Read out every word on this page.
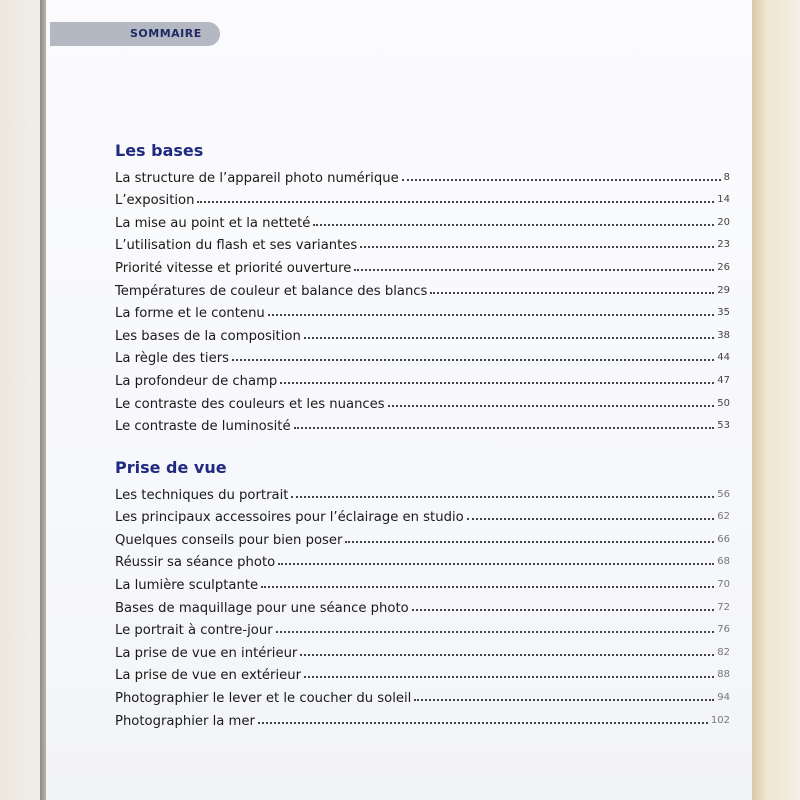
SOMMAIRE
Les bases
La structure de l’appareil photo numérique	8
L’exposition	14
La mise au point et la netteté	20
L’utilisation du flash et ses variantes	23
Priorité vitesse et priorité ouverture	26
Températures de couleur et balance des blancs	29
La forme et le contenu	35
Les bases de la composition	38
La règle des tiers	44
La profondeur de champ	47
Le contraste des couleurs et les nuances	50
Le contraste de luminosité	53
Prise de vue
Les techniques du portrait	56
Les principaux accessoires pour l’éclairage en studio	62
Quelques conseils pour bien poser	66
Réussir sa séance photo	68
La lumière sculptante	70
Bases de maquillage pour une séance photo	72
Le portrait à contre-jour	76
La prise de vue en intérieur	82
La prise de vue en extérieur	88
Photographier le lever et le coucher du soleil	94
Photographier la mer	102
